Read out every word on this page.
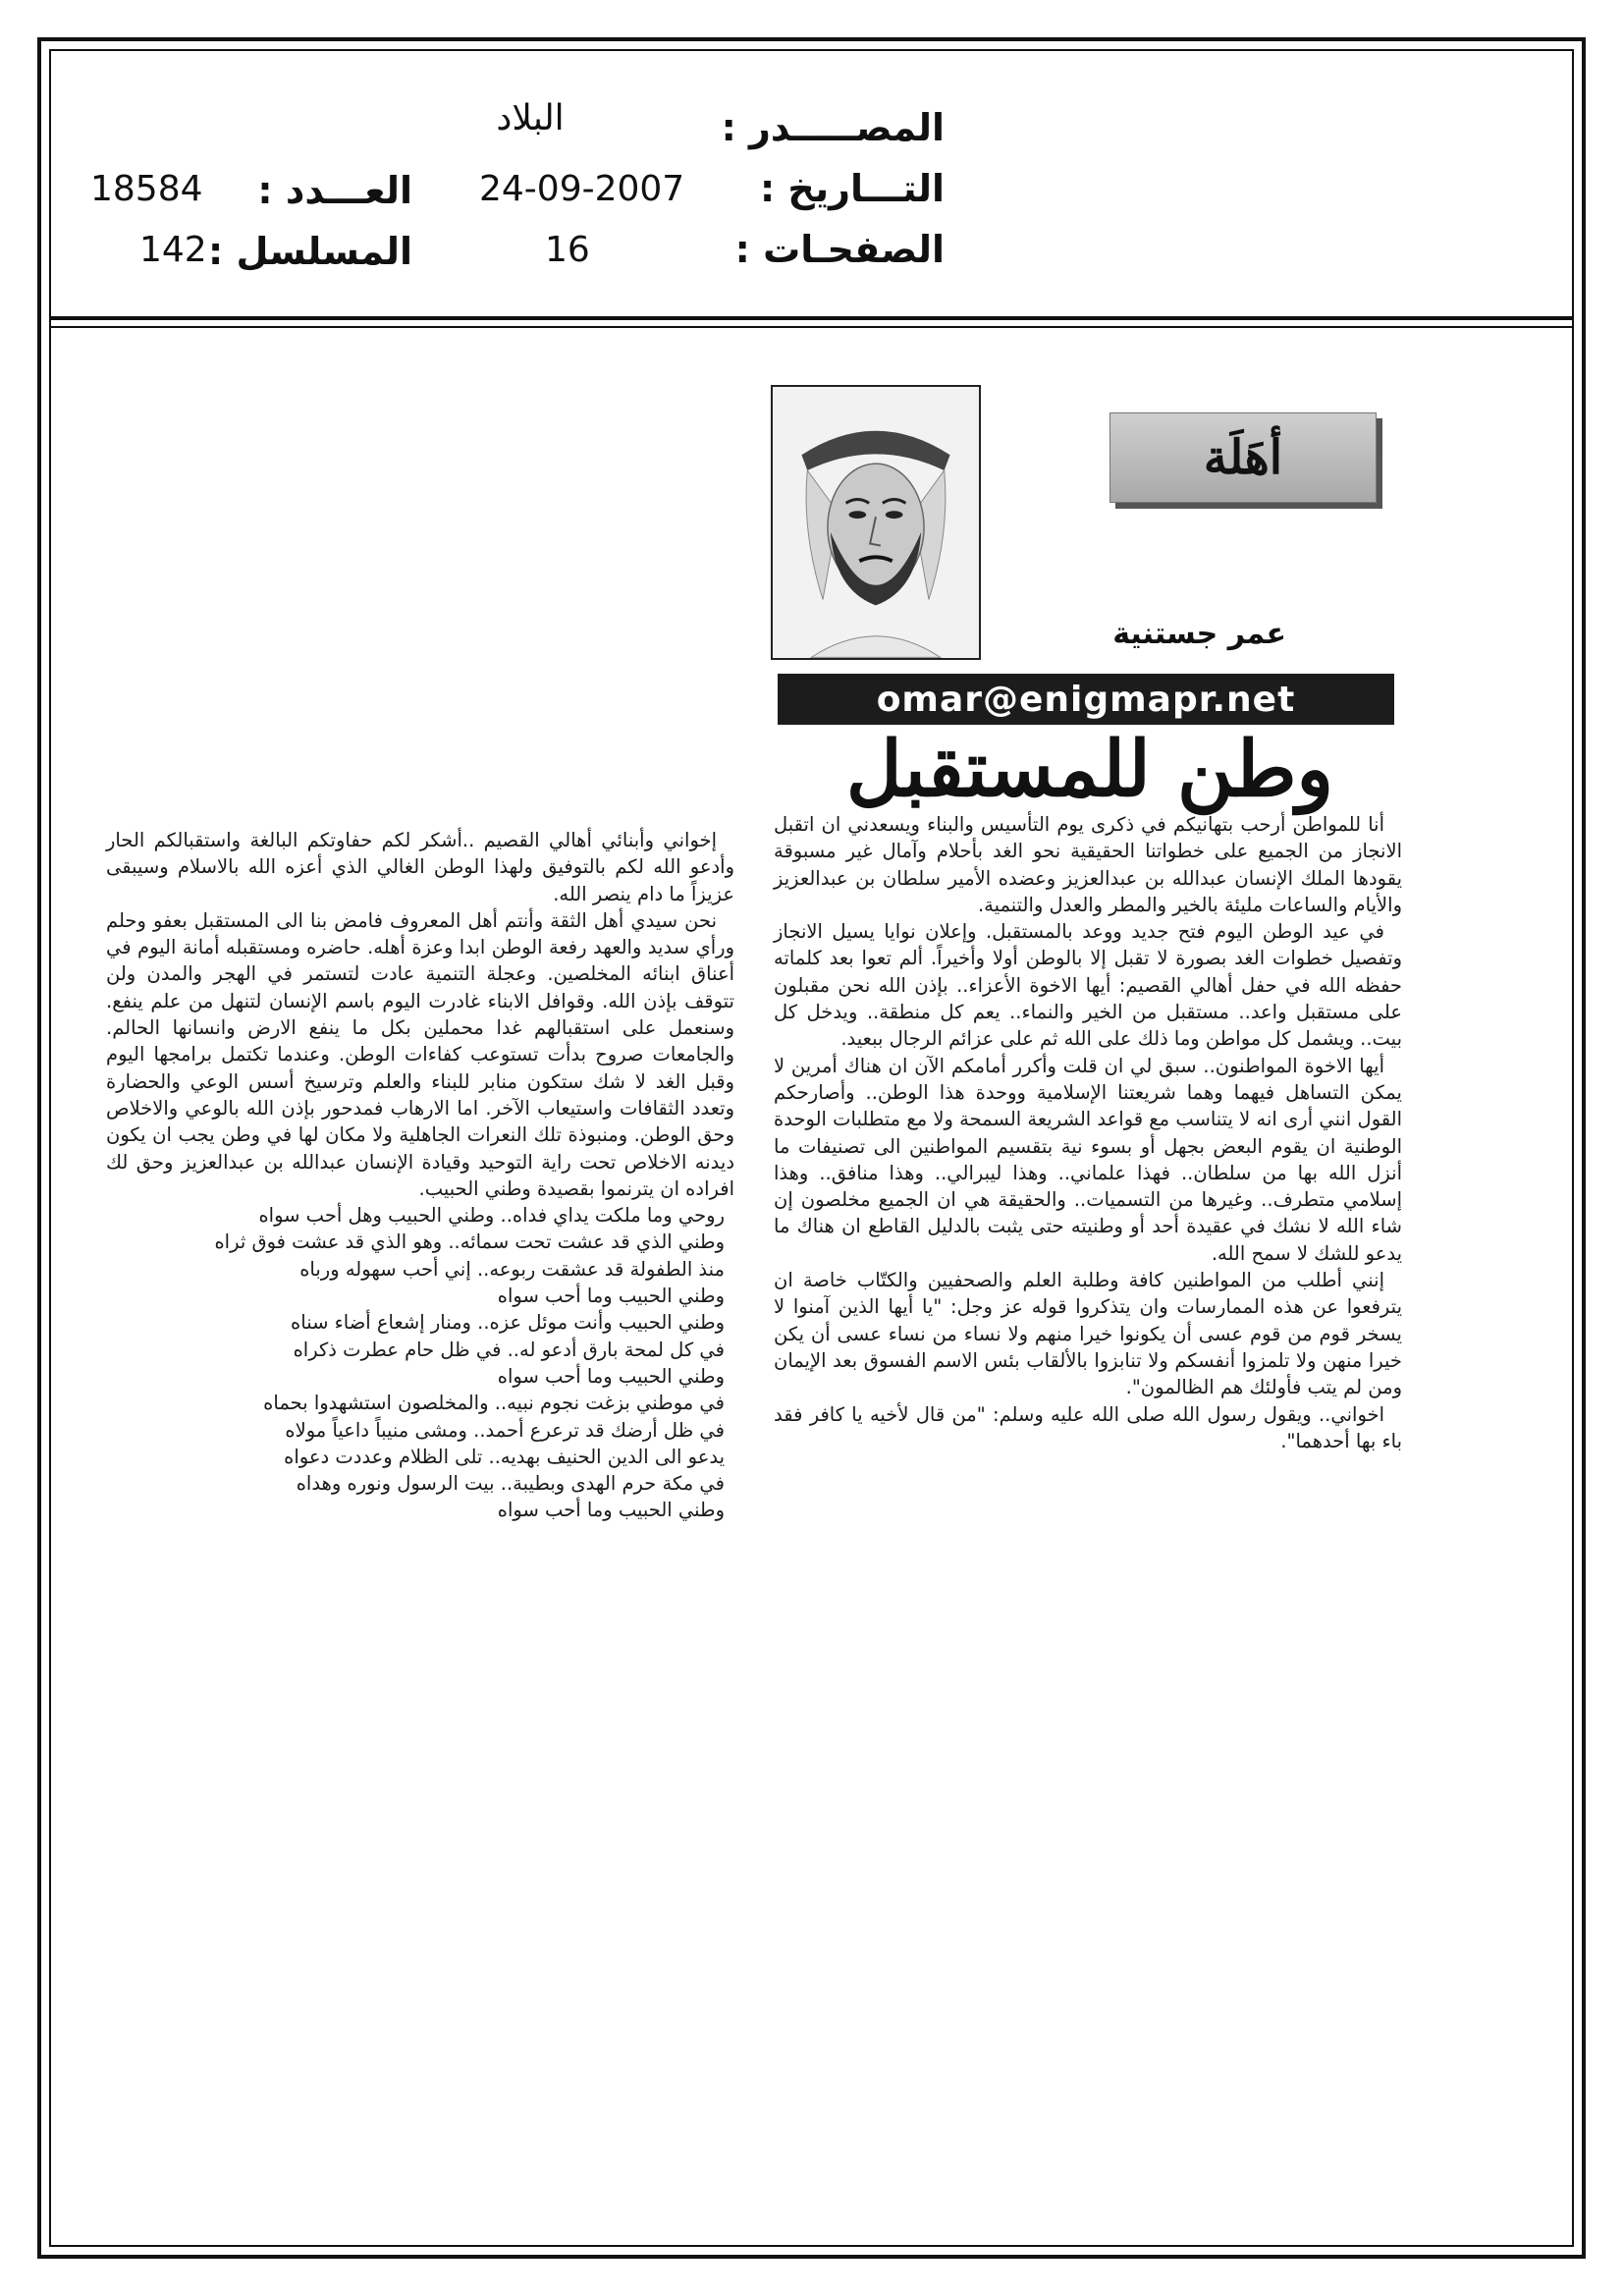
المصـــــدر :
البلاد
التـــاريخ :
24-09-2007
العـــدد :
18584
الصفحـات :
16
المسلسل :
142
أهَلَة
عمر جستنية
omar@enigmapr.net
وطن للمستقبل

أنا للمواطن أرحب بتهانيكم في ذكرى يوم التأسيس والبناء ويسعدني ان اتقبل الانجاز من الجميع على خطواتنا الحقيقية نحو الغد بأحلام وآمال غير مسبوقة يقودها الملك الإنسان عبدالله بن عبدالعزيز وعضده الأمير سلطان بن عبدالعزيز والأيام والساعات مليئة بالخير والمطر والعدل والتنمية.

في عيد الوطن اليوم فتح جديد ووعد بالمستقبل. وإعلان نوايا يسيل الانجاز وتفصيل خطوات الغد بصورة لا تقبل إلا بالوطن أولا وأخيراً. ألم تعوا بعد كلماته حفظه الله في حفل أهالي القصيم: أيها الاخوة الأعزاء.. بإذن الله نحن مقبلون على مستقبل واعد.. مستقبل من الخير والنماء.. يعم كل منطقة.. ويدخل كل بيت.. ويشمل كل مواطن وما ذلك على الله ثم على عزائم الرجال ببعيد.

أيها الاخوة المواطنون.. سبق لي ان قلت وأكرر أمامكم الآن ان هناك أمرين لا يمكن التساهل فيهما وهما شريعتنا الإسلامية ووحدة هذا الوطن.. وأصارحكم القول انني أرى انه لا يتناسب مع قواعد الشريعة السمحة ولا مع متطلبات الوحدة الوطنية ان يقوم البعض بجهل أو بسوء نية بتقسيم المواطنين الى تصنيفات ما أنزل الله بها من سلطان.. فهذا علماني.. وهذا ليبرالي.. وهذا منافق.. وهذا إسلامي متطرف.. وغيرها من التسميات.. والحقيقة هي ان الجميع مخلصون إن شاء الله لا نشك في عقيدة أحد أو وطنيته حتى يثبت بالدليل القاطع ان هناك ما يدعو للشك لا سمح الله.

إنني أطلب من المواطنين كافة وطلبة العلم والصحفيين والكتّاب خاصة ان يترفعوا عن هذه الممارسات وان يتذكروا قوله عز وجل: "يا أيها الذين آمنوا لا يسخر قوم من قوم عسى أن يكونوا خيرا منهم ولا نساء من نساء عسى أن يكن خيرا منهن ولا تلمزوا أنفسكم ولا تنابزوا بالألقاب بئس الاسم الفسوق بعد الإيمان ومن لم يتب فأولئك هم الظالمون".

اخواني.. ويقول رسول الله صلى الله عليه وسلم: "من قال لأخيه يا كافر فقد باء بها أحدهما".

إخواني وأبنائي أهالي القصيم ..أشكر لكم حفاوتكم البالغة واستقبالكم الحار وأدعو الله لكم بالتوفيق ولهذا الوطن الغالي الذي أعزه الله بالاسلام وسيبقى عزيزاً ما دام ينصر الله.

نحن سيدي أهل الثقة وأنتم أهل المعروف فامض بنا الى المستقبل بعفو وحلم ورأي سديد والعهد رفعة الوطن ابدا وعزة أهله. حاضره ومستقبله أمانة اليوم في أعناق ابنائه المخلصين. وعجلة التنمية عادت لتستمر في الهجر والمدن ولن تتوقف بإذن الله. وقوافل الابناء غادرت اليوم باسم الإنسان لتنهل من علم ينفع. وسنعمل على استقبالهم غدا محملين بكل ما ينفع الارض وانسانها الحالم. والجامعات صروح بدأت تستوعب كفاءات الوطن. وعندما تكتمل برامجها اليوم وقبل الغد لا شك ستكون منابر للبناء والعلم وترسيخ أسس الوعي والحضارة وتعدد الثقافات واستيعاب الآخر. اما الارهاب فمدحور بإذن الله بالوعي والاخلاص وحق الوطن. ومنبوذة تلك النعرات الجاهلية ولا مكان لها في وطن يجب ان يكون ديدنه الاخلاص تحت راية التوحيد وقيادة الإنسان عبدالله بن عبدالعزيز وحق لك افراده ان يترنموا بقصيدة وطني الحبيب.

روحي وما ملكت يداي فداه.. وطني الحبيب وهل أحب سواه

وطني الذي قد عشت تحت سمائه.. وهو الذي قد عشت فوق ثراه

منذ الطفولة قد عشقت ربوعه.. إني أحب سهوله ورباه

وطني الحبيب وما أحب سواه

وطني الحبيب وأنت موئل عزه.. ومنار إشعاع أضاء سناه

في كل لمحة بارق أدعو له.. في ظل حام عطرت ذكراه

وطني الحبيب وما أحب سواه

في موطني بزغت نجوم نبيه.. والمخلصون استشهدوا بحماه

في ظل أرضك قد ترعرع أحمد.. ومشى منيباً داعياً مولاه

يدعو الى الدين الحنيف بهديه.. تلى الظلام وعددت دعواه

في مكة حرم الهدى وبطيبة.. بيت الرسول ونوره وهداه

وطني الحبيب وما أحب سواه
